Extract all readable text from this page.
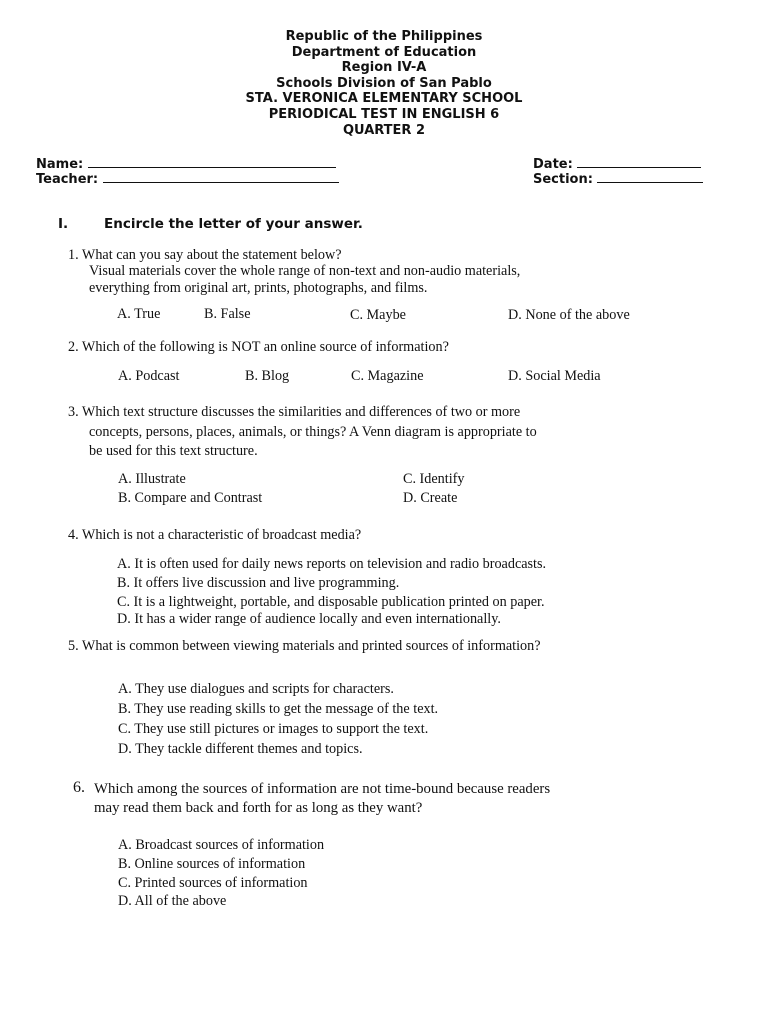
Republic of the Philippines
Department of Education
Region IV-A
Schools Division of San Pablo
STA. VERONICA ELEMENTARY SCHOOL
PERIODICAL TEST IN ENGLISH 6
QUARTER 2
Name:
Teacher:
Date:
Section:
I.	Encircle the letter of your answer.
1. What can you say about the statement below?
Visual materials cover the whole range of non-text and non-audio materials,
everything from original art, prints, photographs, and films.
A. True	B. False	C. Maybe	D. None of the above
2. Which of the following is NOT an online source of information?
A. Podcast	B. Blog	C. Magazine	D. Social Media
3. Which text structure discusses the similarities and differences of two or more
concepts, persons, places, animals, or things? A Venn diagram is appropriate to
be used for this text structure.
A. Illustrate
B. Compare and Contrast
C. Identify
D. Create
4. Which is not a characteristic of broadcast media?
A. It is often used for daily news reports on television and radio broadcasts.
B. It offers live discussion and live programming.
C. It is a lightweight, portable, and disposable publication printed on paper.
D. It has a wider range of audience locally and even internationally.
5. What is common between viewing materials and printed sources of information?
A. They use dialogues and scripts for characters.
B. They use reading skills to get the message of the text.
C. They use still pictures or images to support the text.
D. They tackle different themes and topics.
6. Which among the sources of information are not time-bound because readers
may read them back and forth for as long as they want?
A. Broadcast sources of information
B. Online sources of information
C. Printed sources of information
D. All of the above
